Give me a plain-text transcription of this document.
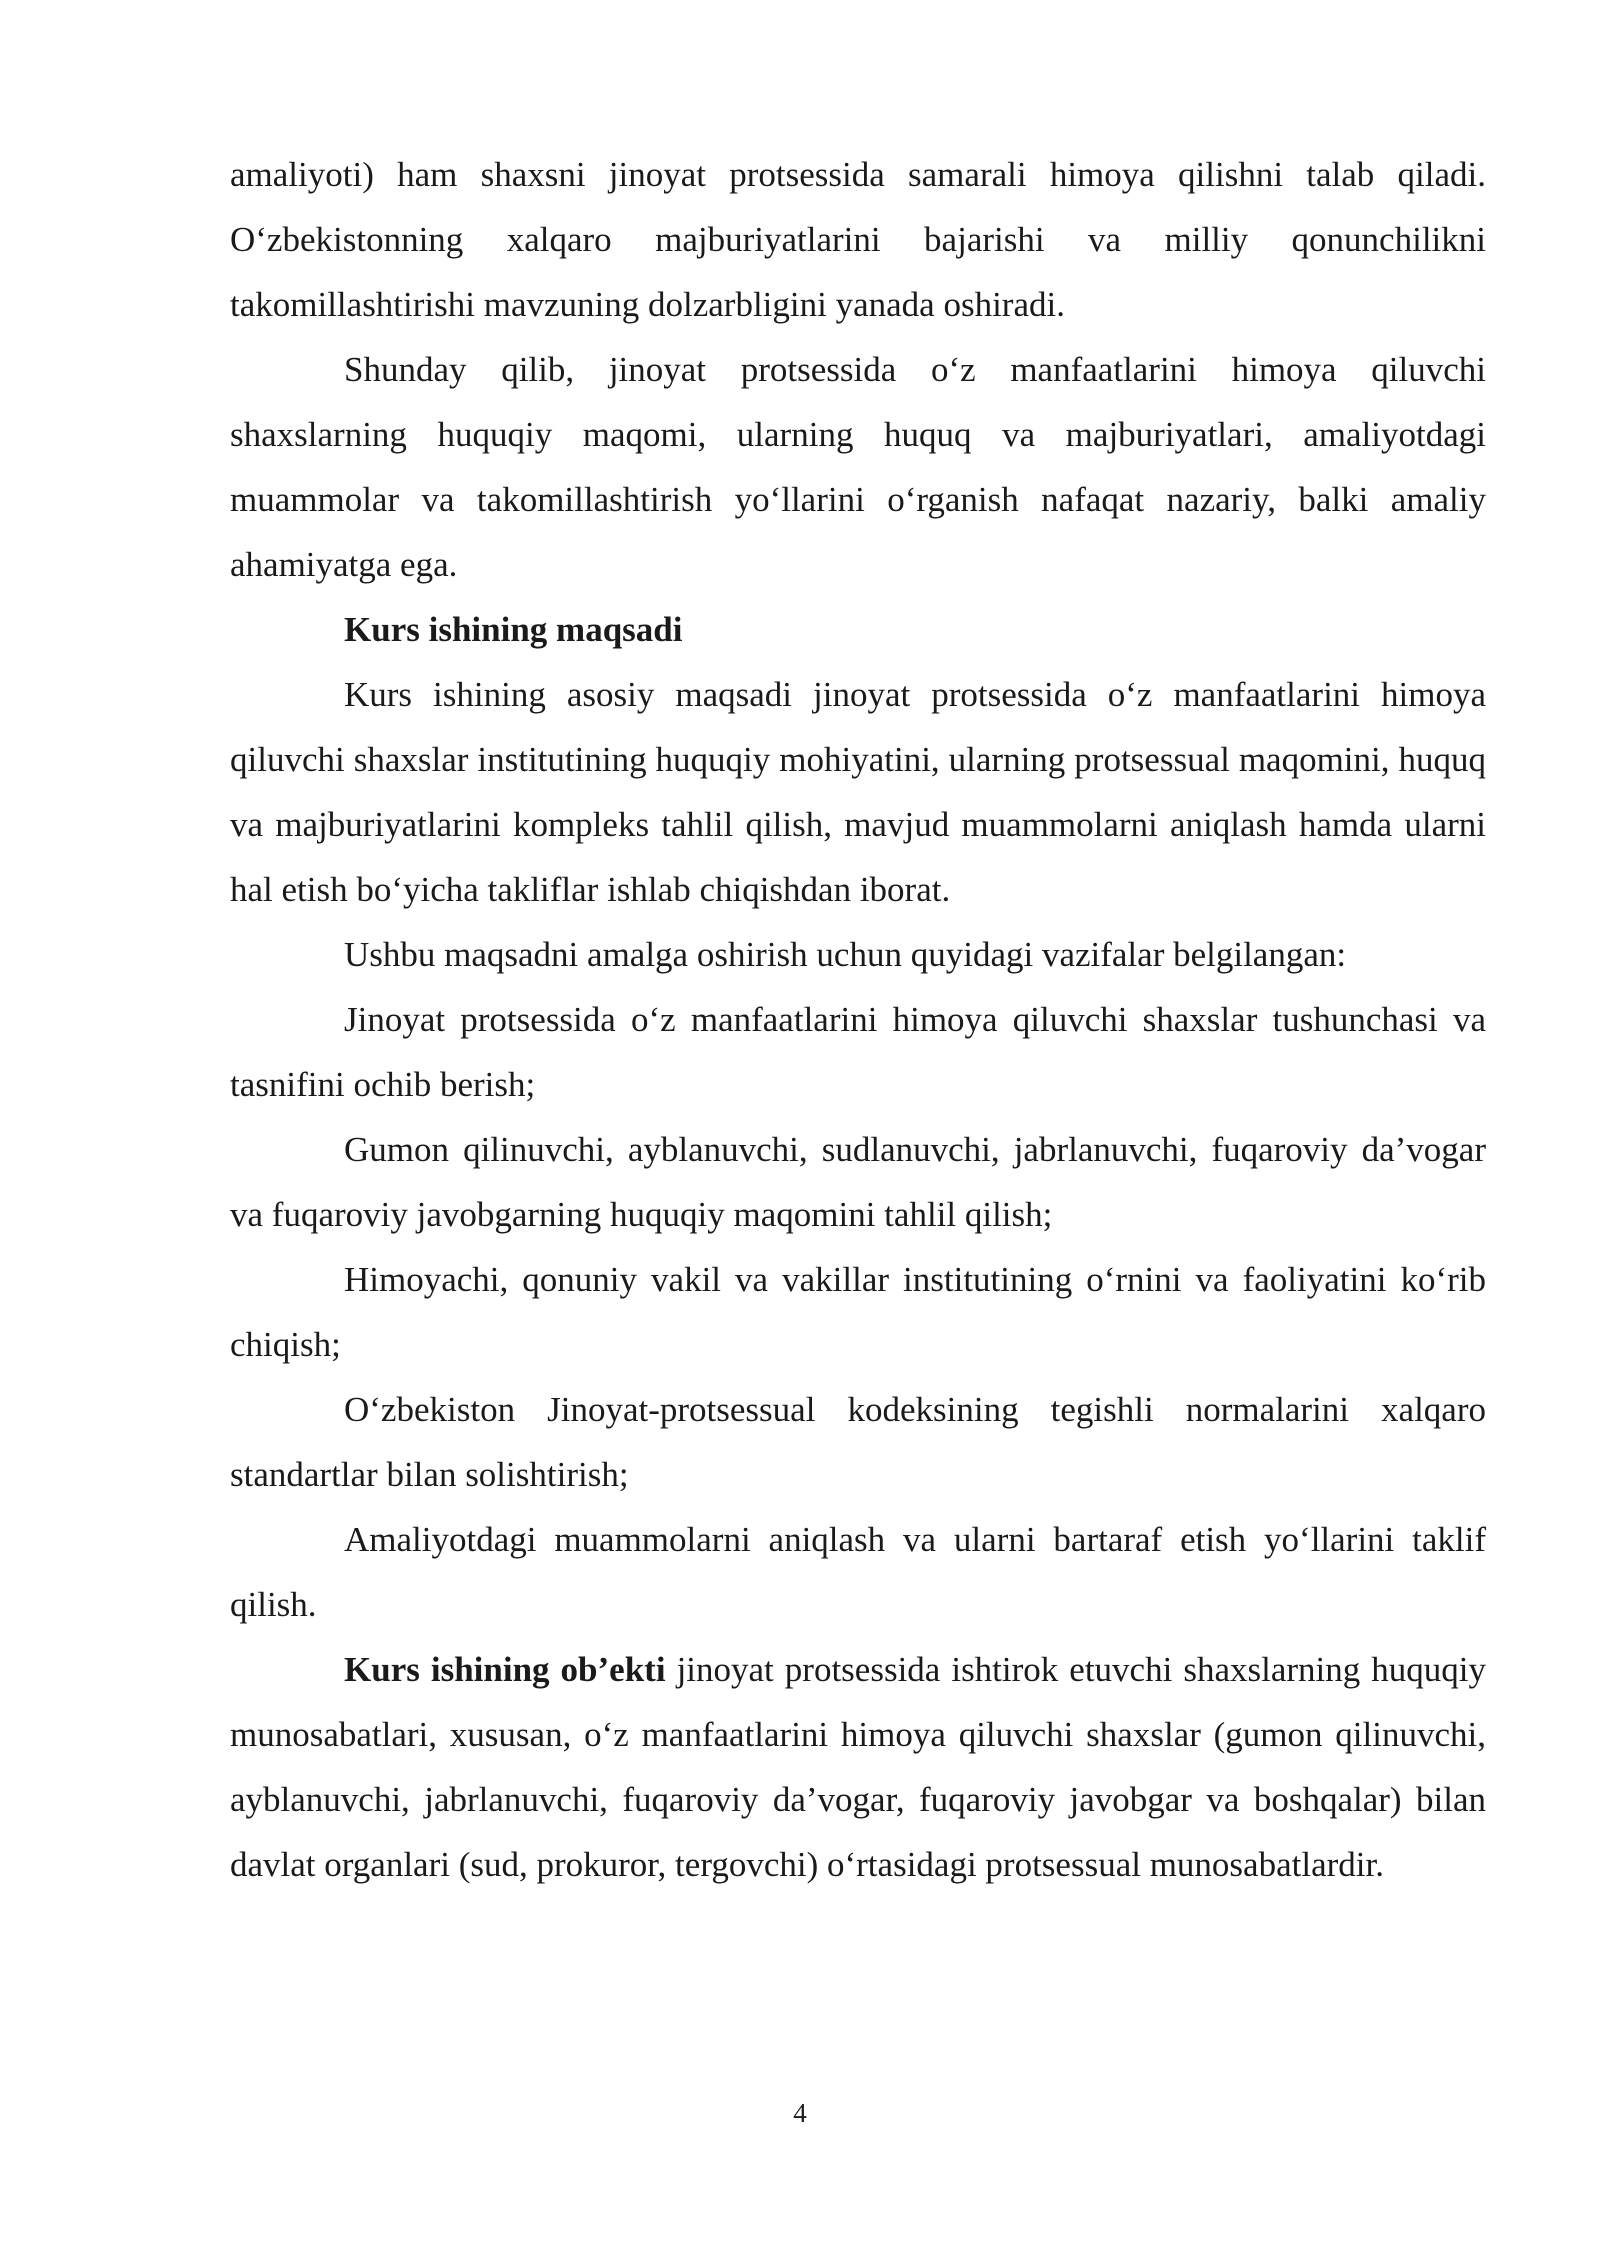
amaliyoti) ham shaxsni jinoyat protsessida samarali himoya qilishni talab qiladi. Oʻzbekistonning xalqaro majburiyatlarini bajarishi va milliy qonunchilikni takomillashtirishi mavzuning dolzarbligini yanada oshiradi.

Shunday qilib, jinoyat protsessida oʻz manfaatlarini himoya qiluvchi shaxslarning huquqiy maqomi, ularning huquq va majburiyatlari, amaliyotdagi muammolar va takomillashtirish yoʻllarini oʻrganish nafaqat nazariy, balki amaliy ahamiyatga ega.

Kurs ishining maqsadi

Kurs ishining asosiy maqsadi jinoyat protsessida oʻz manfaatlarini himoya qiluvchi shaxslar institutining huquqiy mohiyatini, ularning protsessual maqomini, huquq va majburiyatlarini kompleks tahlil qilish, mavjud muammolarni aniqlash hamda ularni hal etish boʻyicha takliflar ishlab chiqishdan iborat.

Ushbu maqsadni amalga oshirish uchun quyidagi vazifalar belgilangan:

Jinoyat protsessida oʻz manfaatlarini himoya qiluvchi shaxslar tushunchasi va tasnifini ochib berish;

Gumon qilinuvchi, ayblanuvchi, sudlanuvchi, jabrlanuvchi, fuqaroviy da’vogar va fuqaroviy javobgarning huquqiy maqomini tahlil qilish;

Himoyachi, qonuniy vakil va vakillar institutining oʻrnini va faoliyatini koʻrib chiqish;

Oʻzbekiston Jinoyat-protsessual kodeksining tegishli normalarini xalqaro standartlar bilan solishtirish;

Amaliyotdagi muammolarni aniqlash va ularni bartaraf etish yoʻllarini taklif qilish.

Kurs ishining ob’ekti jinoyat protsessida ishtirok etuvchi shaxslarning huquqiy munosabatlari, xususan, oʻz manfaatlarini himoya qiluvchi shaxslar (gumon qilinuvchi, ayblanuvchi, jabrlanuvchi, fuqaroviy da’vogar, fuqaroviy javobgar va boshqalar) bilan davlat organlari (sud, prokuror, tergovchi) oʻrtasidagi protsessual munosabatlardir.

4
